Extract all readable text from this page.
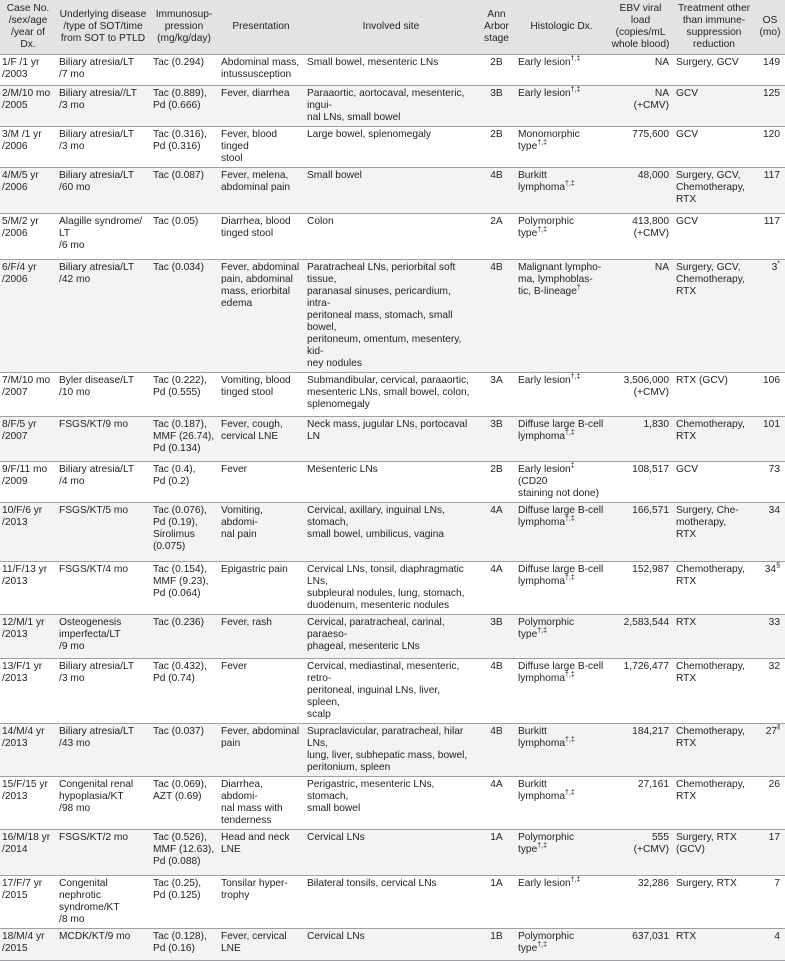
Case No.
/sex/age
/year of Dx.	Underlying disease
/type of SOT/time
from SOT to PTLD	Immunosup-
pression
(mg/kg/day)	Presentation	Involved site	Ann
Arbor
stage	Histologic Dx.	EBV viral load
(copies/mL
whole blood)	Treatment other
than immune-
suppression
reduction	OS
(mo)
1/F /1 yr
/2003	Biliary atresia/LT
/7 mo	Tac (0.294)	Abdominal mass,
intussusception	Small bowel, mesenteric LNs	2B	Early lesion†,‡	NA	Surgery, GCV	149
2/M/10 mo
/2005	Biliary atresia//LT
/3 mo	Tac (0.889),
Pd (0.666)	Fever, diarrhea	Paraaortic, aortocaval, mesenteric, ingui-
nal LNs, small bowel	3B	Early lesion†,‡	NA
(+CMV)	GCV	125
3/M /1 yr
/2006	Biliary atresia/LT
/3 mo	Tac (0.316),
Pd (0.316)	Fever, blood tinged
stool	Large bowel, splenomegaly	2B	Monomorphic type†,‡	775,600	GCV	120
4/M/5 yr
/2006	Biliary atresia/LT
/60 mo	Tac (0.087)	Fever, melena,
abdominal pain	Small bowel	4B	Burkitt lymphoma†,‡	48,000	Surgery, GCV,
Chemotherapy,
RTX	117
5/M/2 yr
/2006	Alagille syndrome/
LT
/6 mo	Tac (0.05)	Diarrhea, blood
tinged stool	Colon	2A	Polymorphic type†,‡	413,800
(+CMV)	GCV	117
6/F/4 yr
/2006	Biliary atresia/LT
/42 mo	Tac (0.034)	Fever, abdominal
pain, abdominal
mass, eriorbital
edema	Paratracheal LNs, periorbital soft tissue,
paranasal sinuses, pericardium, intra-
peritoneal mass, stomach, small bowel,
peritoneum, omentum, mesentery, kid-
ney nodules	4B	Malignant lympho-
ma, lymphoblas-
tic, B-lineage†	NA	Surgery, GCV,
Chemotherapy,
RTX	3*
7/M/10 mo
/2007	Byler disease/LT
/10 mo	Tac (0.222),
Pd (0.555)	Vomiting, blood
tinged stool	Submandibular, cervical, paraaortic,
mesenteric LNs, small bowel, colon,
splenomegaly	3A	Early lesion†,‡	3,506,000
(+CMV)	RTX (GCV)	106
8/F/5 yr
/2007	FSGS/KT/9 mo	Tac (0.187),
MMF (26.74),
Pd (0.134)	Fever, cough,
cervical LNE	Neck mass, jugular LNs, portocaval LN	3B	Diffuse large B-cell
lymphoma†,‡	1,830	Chemotherapy,
RTX	101
9/F/11 mo
/2009	Biliary atresia/LT
/4 mo	Tac (0.4),
Pd (0.2)	Fever	Mesenteric LNs	2B	Early lesion‡ (CD20
staining not done)	108,517	GCV	73
10/F/6 yr
/2013	FSGS/KT/5 mo	Tac (0.076),
Pd (0.19),
Sirolimus
(0.075)	Vomiting, abdomi-
nal pain	Cervical, axillary, inguinal LNs, stomach,
small bowel, umbilicus, vagina	4A	Diffuse large B-cell
lymphoma†,‡	166,571	Surgery, Che-
motherapy,
RTX	34
11/F/13 yr
/2013	FSGS/KT/4 mo	Tac (0.154),
MMF (9.23),
Pd (0.064)	Epigastric pain	Cervical LNs, tonsil, diaphragmatic LNs,
subpleural nodules, lung, stomach,
duodenum, mesenteric nodules	4A	Diffuse large B-cell
lymphoma†,‡	152,987	Chemotherapy,
RTX	34§
12/M/1 yr
/2013	Osteogenesis
imperfecta/LT
/9 mo	Tac (0.236)	Fever, rash	Cervical, paratracheal, carinal, paraeso-
phageal, mesenteric LNs	3B	Polymorphic type†,‡	2,583,544	RTX	33
13/F/1 yr
/2013	Biliary atresia/LT
/3 mo	Tac (0.432),
Pd (0.74)	Fever	Cervical, mediastinal, mesenteric, retro-
peritoneal, inguinal LNs, liver, spleen,
scalp	4B	Diffuse large B-cell
lymphoma†,‡	1,726,477	Chemotherapy,
RTX	32
14/M/4 yr
/2013	Biliary atresia/LT
/43 mo	Tac (0.037)	Fever, abdominal
pain	Supraclavicular, paratracheal, hilar LNs,
lung, liver, subhepatic mass, bowel,
peritonium, spleen	4B	Burkitt lymphoma†,‡	184,217	Chemotherapy,
RTX	$27^ǁ$
15/F/15 yr
/2013	Congenital renal
hypoplasia/KT
/98 mo	Tac (0.069),
AZT (0.69)	Diarrhea, abdomi-
nal mass with
tenderness	Perigastric, mesenteric LNs, stomach,
small bowel	4A	Burkitt lymphoma†,‡	27,161	Chemotherapy,
RTX	26
16/M/18 yr
/2014	FSGS/KT/2 mo	Tac (0.526),
MMF (12.63),
Pd (0.088)	Head and neck
LNE	Cervical LNs	1A	Polymorphic type†,‡	555
(+CMV)	Surgery, RTX
(GCV)	17
17/F/7 yr
/2015	Congenital nephrotic
syndrome/KT
/8 mo	Tac (0.25),
Pd (0.125)	Tonsilar hyper-
trophy	Bilateral tonsils, cervical LNs	1A	Early lesion†,‡	32,286	Surgery, RTX	7
18/M/4 yr
/2015	MCDK/KT/9 mo	Tac (0.128),
Pd (0.16)	Fever, cervical LNE	Cervical LNs	1B	Polymorphic type†,‡	637,031	RTX	4
